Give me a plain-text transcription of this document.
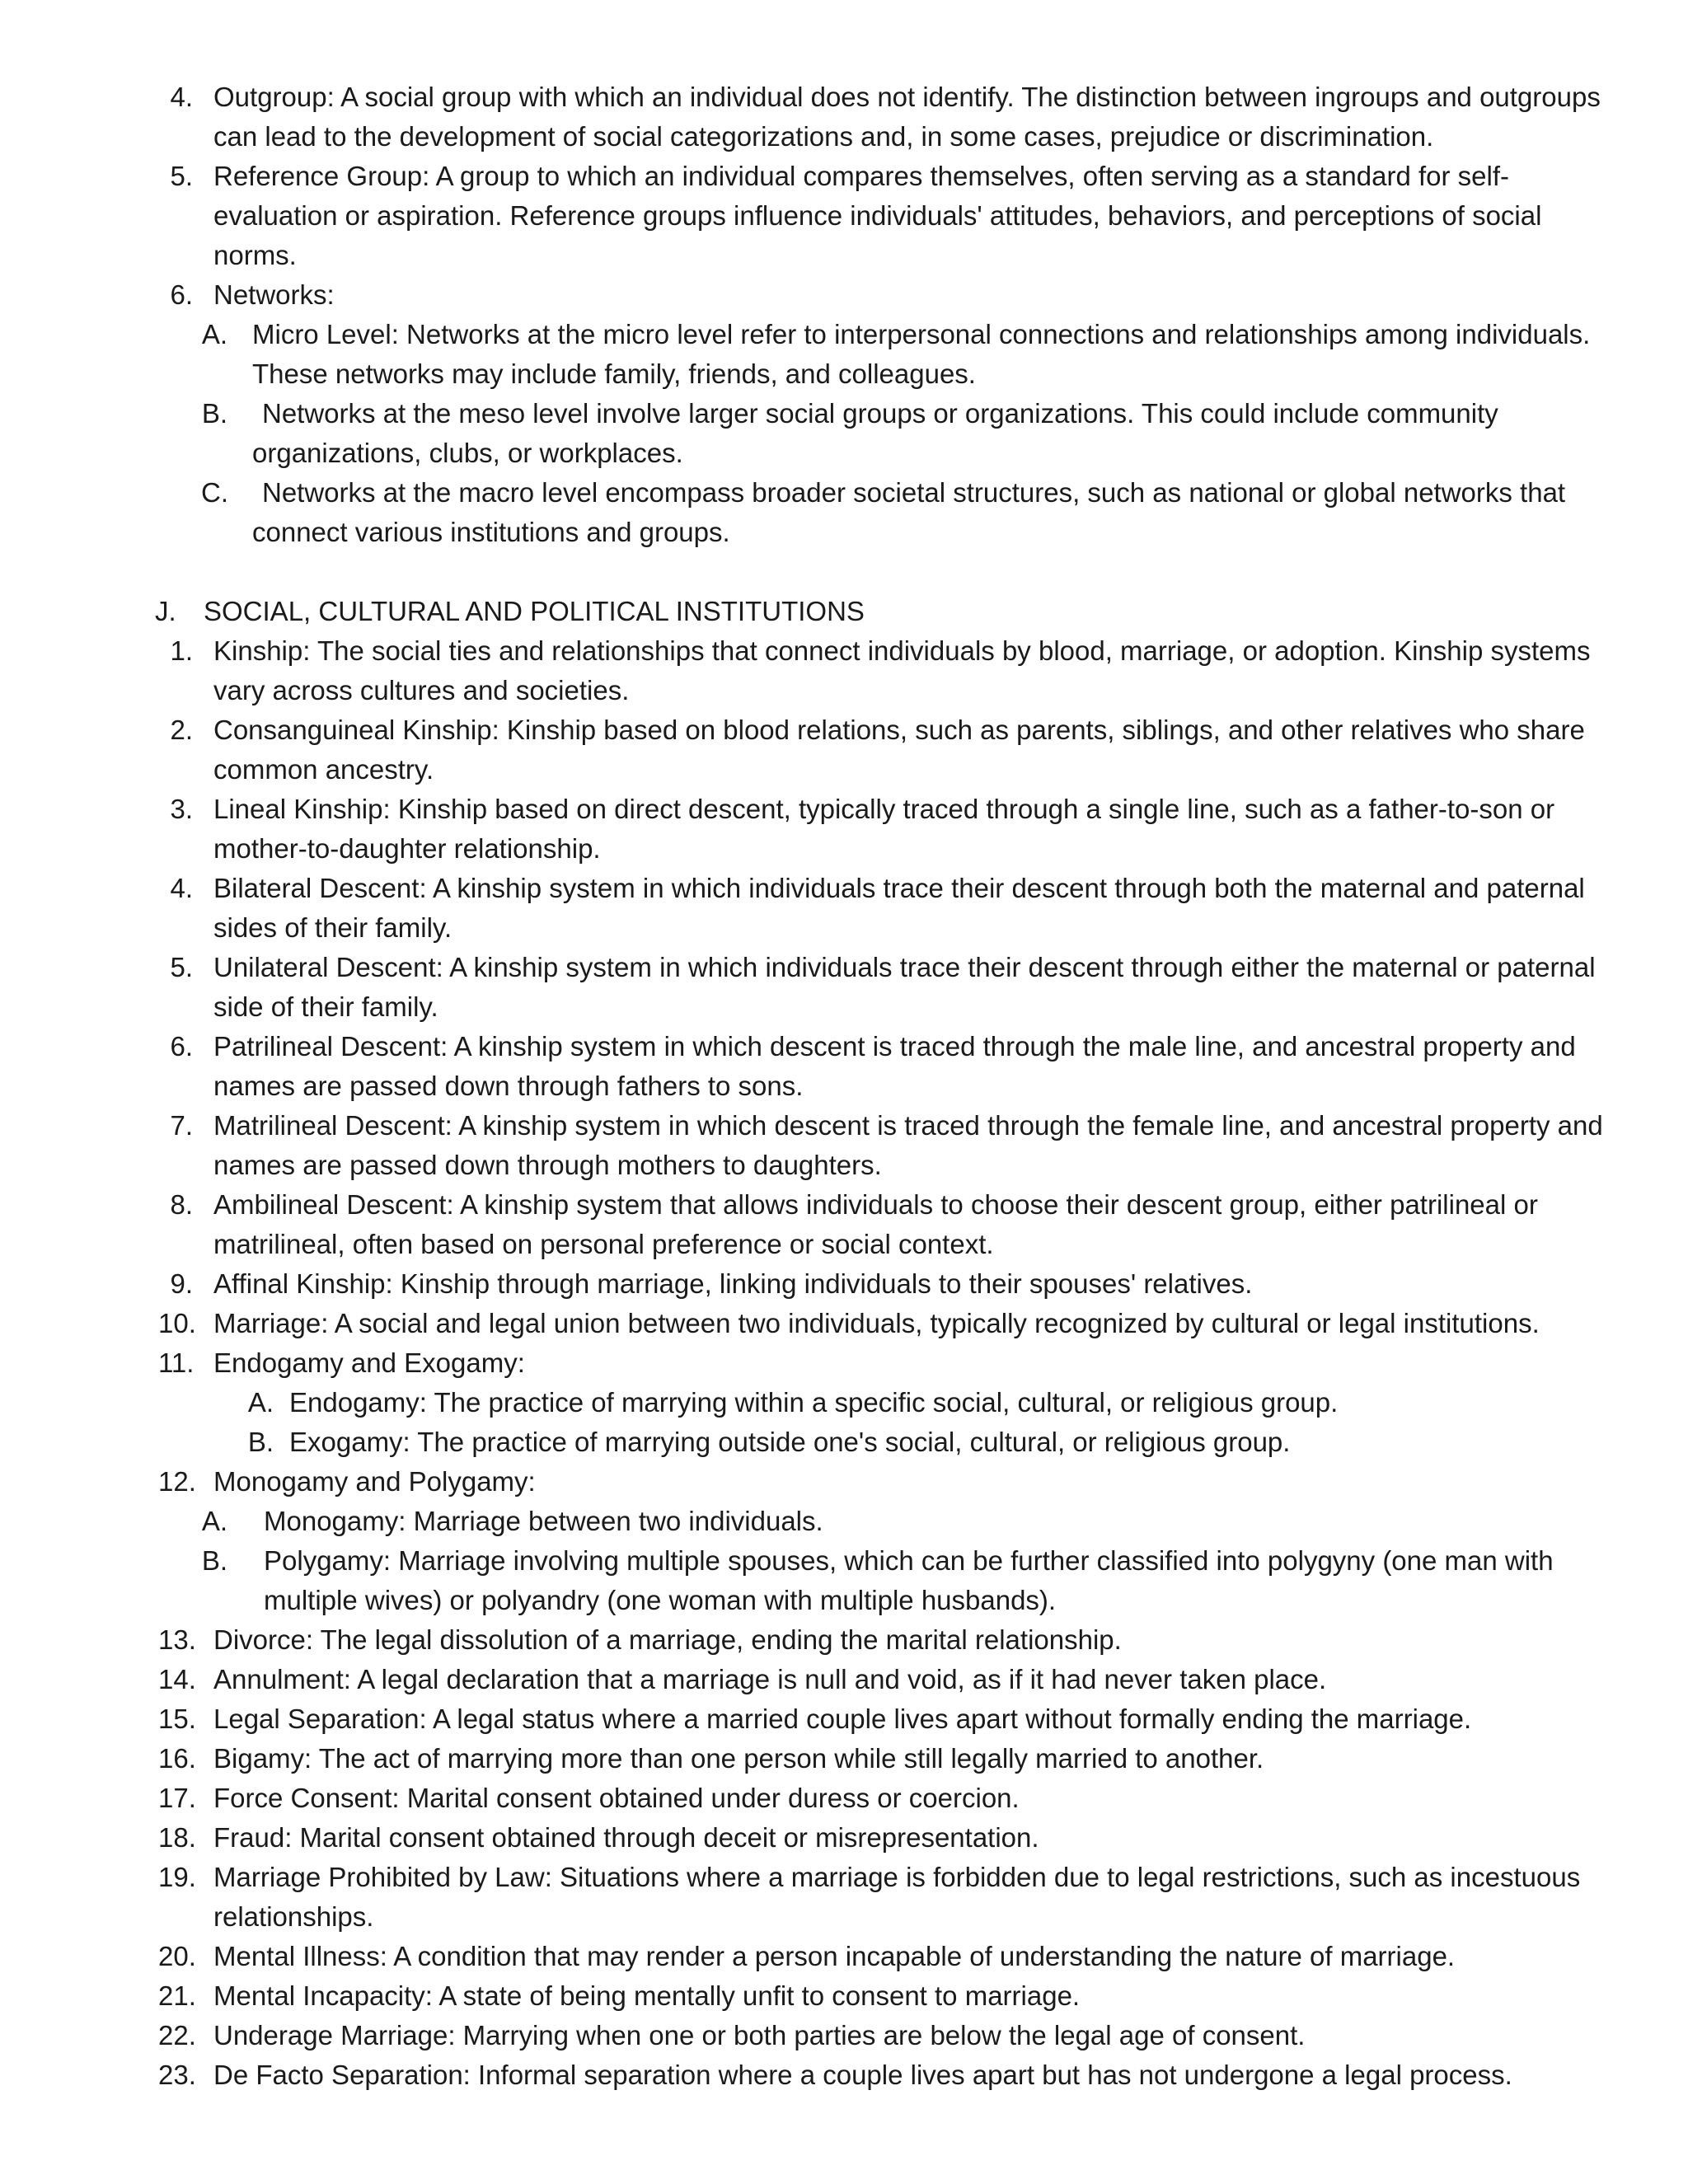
4. Outgroup: A social group with which an individual does not identify. The distinction between ingroups and outgroups can lead to the development of social categorizations and, in some cases, prejudice or discrimination.
5. Reference Group: A group to which an individual compares themselves, often serving as a standard for self-evaluation or aspiration. Reference groups influence individuals' attitudes, behaviors, and perceptions of social norms.
6. Networks:
A. Micro Level: Networks at the micro level refer to interpersonal connections and relationships among individuals. These networks may include family, friends, and colleagues.
B.	Networks at the meso level involve larger social groups or organizations. This could include community organizations, clubs, or workplaces.
C.	Networks at the macro level encompass broader societal structures, such as national or global networks that connect various institutions and groups.
J. SOCIAL, CULTURAL AND POLITICAL INSTITUTIONS
1. Kinship: The social ties and relationships that connect individuals by blood, marriage, or adoption. Kinship systems vary across cultures and societies.
2. Consanguineal Kinship: Kinship based on blood relations, such as parents, siblings, and other relatives who share common ancestry.
3. Lineal Kinship: Kinship based on direct descent, typically traced through a single line, such as a father-to-son or mother-to-daughter relationship.
4. Bilateral Descent: A kinship system in which individuals trace their descent through both the maternal and paternal sides of their family.
5. Unilateral Descent: A kinship system in which individuals trace their descent through either the maternal or paternal side of their family.
6. Patrilineal Descent: A kinship system in which descent is traced through the male line, and ancestral property and names are passed down through fathers to sons.
7. Matrilineal Descent: A kinship system in which descent is traced through the female line, and ancestral property and names are passed down through mothers to daughters.
8. Ambilineal Descent: A kinship system that allows individuals to choose their descent group, either patrilineal or matrilineal, often based on personal preference or social context.
9. Affinal Kinship: Kinship through marriage, linking individuals to their spouses' relatives.
10. Marriage: A social and legal union between two individuals, typically recognized by cultural or legal institutions.
11. Endogamy and Exogamy:
A. Endogamy: The practice of marrying within a specific social, cultural, or religious group.
B. Exogamy: The practice of marrying outside one's social, cultural, or religious group.
12. Monogamy and Polygamy:
A. Monogamy: Marriage between two individuals.
B. Polygamy: Marriage involving multiple spouses, which can be further classified into polygyny (one man with multiple wives) or polyandry (one woman with multiple husbands).
13. Divorce: The legal dissolution of a marriage, ending the marital relationship.
14. Annulment: A legal declaration that a marriage is null and void, as if it had never taken place.
15. Legal Separation: A legal status where a married couple lives apart without formally ending the marriage.
16. Bigamy: The act of marrying more than one person while still legally married to another.
17. Force Consent: Marital consent obtained under duress or coercion.
18. Fraud: Marital consent obtained through deceit or misrepresentation.
19. Marriage Prohibited by Law: Situations where a marriage is forbidden due to legal restrictions, such as incestuous relationships.
20. Mental Illness: A condition that may render a person incapable of understanding the nature of marriage.
21. Mental Incapacity: A state of being mentally unfit to consent to marriage.
22. Underage Marriage: Marrying when one or both parties are below the legal age of consent.
23. De Facto Separation: Informal separation where a couple lives apart but has not undergone a legal process.
